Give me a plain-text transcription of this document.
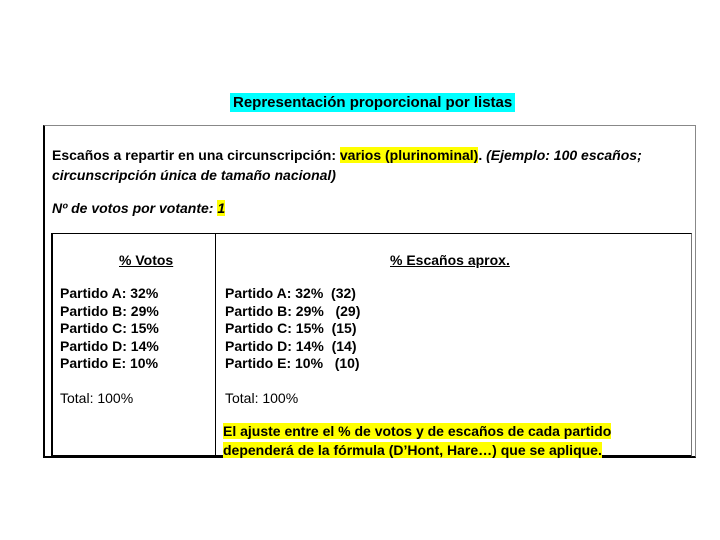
Representación proporcional por listas
Escaños a repartir en una circunscripción: varios (plurinominal). (Ejemplo: 100 escaños; circunscripción única de tamaño nacional)
Nº de votos por votante: 1
% Votos
Partido A: 32%
Partido B: 29%
Partido C: 15%
Partido D: 14%
Partido E: 10%
Total: 100%
% Escaños aprox.
Partido A: 32%  (32)
Partido B: 29%   (29)
Partido C: 15%  (15)
Partido D: 14%  (14)
Partido E: 10%   (10)
Total: 100%
El ajuste entre el % de votos y de escaños de cada partido
dependerá de la fórmula (D’Hont, Hare…) que se aplique.
